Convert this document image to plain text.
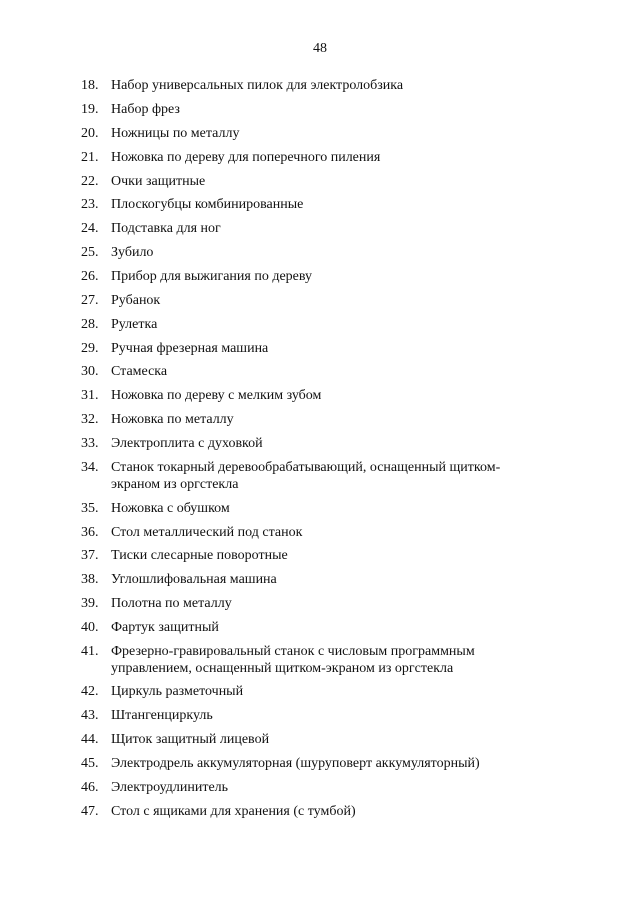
48
18. Набор универсальных пилок для электролобзика
19. Набор фрез
20. Ножницы по металлу
21. Ножовка по дереву для поперечного пиления
22. Очки защитные
23. Плоскогубцы комбинированные
24. Подставка для ног
25. Зубило
26. Прибор для выжигания по дереву
27. Рубанок
28. Рулетка
29. Ручная фрезерная машина
30. Стамеска
31. Ножовка по дереву с мелким зубом
32. Ножовка по металлу
33. Электроплита с духовкой
34. Станок токарный деревообрабатывающий, оснащенный щитком-экраном из оргстекла
35. Ножовка с обушком
36. Стол металлический под станок
37. Тиски слесарные поворотные
38. Углошлифовальная машина
39. Полотна по металлу
40. Фартук защитный
41. Фрезерно-гравировальный станок с числовым программным управлением, оснащенный щитком-экраном из оргстекла
42. Циркуль разметочный
43. Штангенциркуль
44. Щиток защитный лицевой
45. Электродрель аккумуляторная (шуруповерт аккумуляторный)
46. Электроудлинитель
47. Стол с ящиками для хранения (с тумбой)
